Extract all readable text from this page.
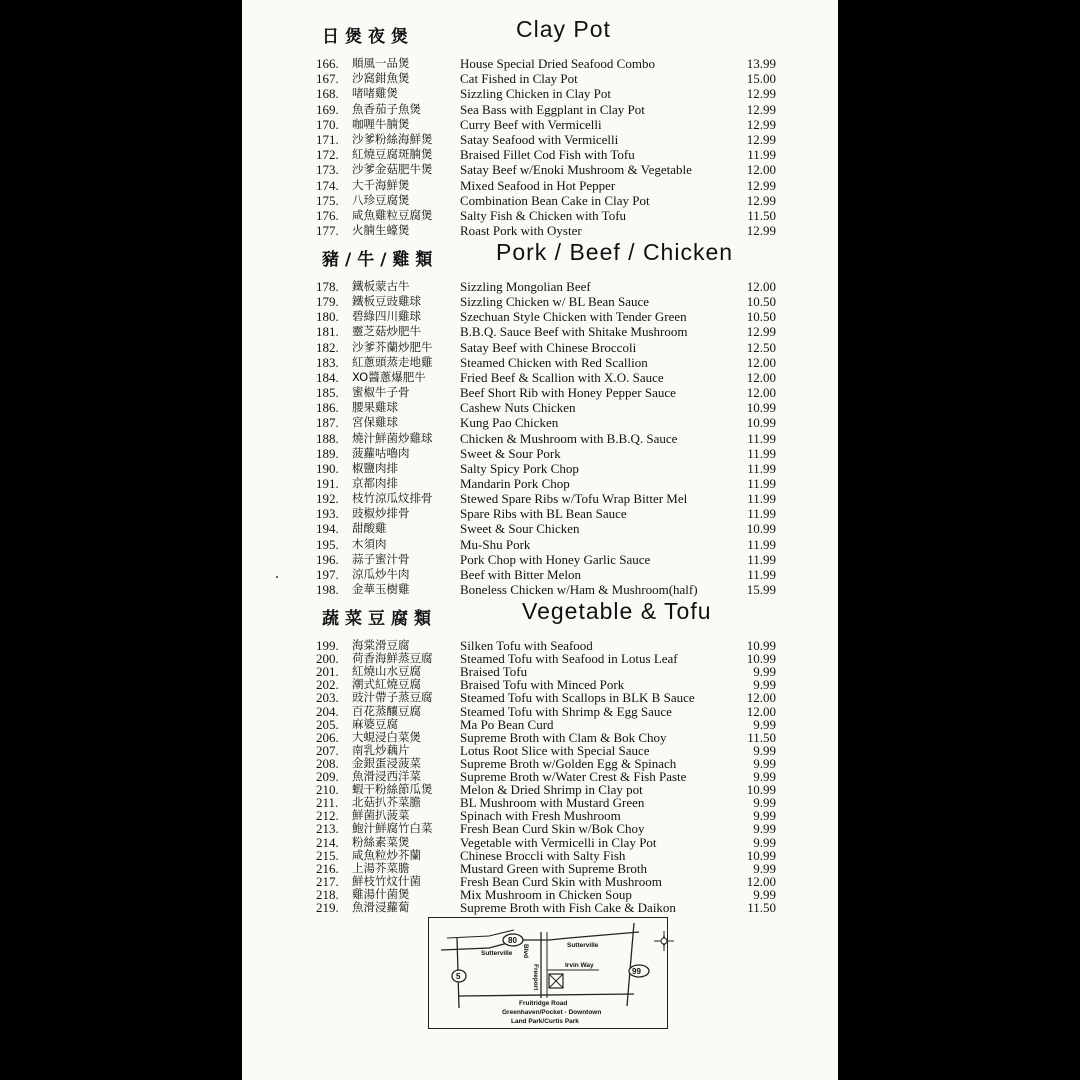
日煲夜煲	Clay Pot
166. 順風一品煲	House Special Dried Seafood Combo	13.99
167. 沙窩鉗魚煲	Cat Fished in Clay Pot	15.00
168. 啫啫雞煲	Sizzling Chicken in Clay Pot	12.99
169. 魚香茄子魚煲	Sea Bass with Eggplant in Clay Pot	12.99
170. 咖喱牛腩煲	Curry Beef with Vermicelli	12.99
171. 沙爹粉絲海鮮煲 Satay Seafood with Vermicelli	12.99
172. 紅燒豆腐斑腩煲 Braised Fillet Cod Fish with Tofu	11.99
173. 沙爹金菇肥牛煲 Satay Beef w/Enoki Mushroom & Vegetable	12.00
174. 大千海鮮煲	Mixed Seafood in Hot Pepper	12.99
175. 八珍豆腐煲	Combination Bean Cake in Clay Pot	12.99
176. 咸魚雞粒豆腐煲 Salty Fish & Chicken with Tofu	11.50
177. 火腩生蠔煲	Roast Pork with Oyster	12.99
豬/牛/雞類	Pork / Beef / Chicken
178. 鐵板蒙古牛	Sizzling Mongolian Beef	12.00
179. 鐵板豆豉雞球	Sizzling Chicken w/ BL Bean Sauce	10.50
180. 碧綠四川雞球	Szechuan Style Chicken with Tender Green	10.50
181. 靈芝菇炒肥牛	B.B.Q. Sauce Beef with Shitake Mushroom	12.99
182. 沙爹芥蘭炒肥牛 Satay Beef with Chinese Broccoli	12.50
183. 紅蔥頭蒸走地雞 Steamed Chicken with Red Scallion	12.00
184. XO醬蔥爆肥牛	Fried Beef & Scallion with X.O. Sauce	12.00
185. 蜜椒牛子骨	Beef Short Rib with Honey Pepper Sauce	12.00
186. 腰果雞球	Cashew Nuts Chicken	10.99
187. 宮保雞球	Kung Pao Chicken	10.99
188. 燒汁鮮菌炒雞球 Chicken & Mushroom with B.B.Q. Sauce	11.99
189. 菠蘿咕嚕肉	Sweet & Sour Pork	11.99
190. 椒鹽肉排	Salty Spicy Pork Chop	11.99
191. 京都肉排	Mandarin Pork Chop	11.99
192. 枝竹涼瓜炆排骨 Stewed Spare Ribs w/Tofu Wrap Bitter Mel	11.99
193. 豉椒炒排骨	Spare Ribs with BL Bean Sauce	11.99
194. 甜酸雞	Sweet & Sour Chicken	10.99
195. 木須肉	Mu-Shu Pork	11.99
196. 蒜子蜜汁骨	Pork Chop with Honey Garlic Sauce	11.99
197. 涼瓜炒牛肉	Beef with Bitter Melon	11.99
198. 金華玉樹雞	Boneless Chicken w/Ham & Mushroom(half)	15.99
蔬菜豆腐類	Vegetable & Tofu
199. 海棠滑豆腐	Silken Tofu with Seafood	10.99
200. 荷香海鮮蒸豆腐 Steamed Tofu with Seafood in Lotus Leaf	10.99
201. 紅燒山水豆腐	Braised Tofu	9.99
202. 潮式紅燒豆腐	Braised Tofu with Minced Pork	9.99
203. 豉汁帶子蒸豆腐 Steamed Tofu with Scallops in BLK B Sauce	12.00
204. 百花蒸釀豆腐	Steamed Tofu with Shrimp & Egg Sauce	12.00
205. 麻婆豆腐	Ma Po Bean Curd	9.99
206. 大蜆浸白菜煲	Supreme Broth with Clam & Bok Choy	11.50
207. 南乳炒藕片	Lotus Root Slice with Special Sauce	9.99
208. 金銀蛋浸菠菜	Supreme Broth w/Golden Egg & Spinach	9.99
209. 魚滑浸西洋菜	Supreme Broth w/Water Crest & Fish Paste	9.99
210. 蝦干粉絲節瓜煲 Melon & Dried Shrimp in Clay pot	10.99
211. 北菇扒芥菜膽	BL Mushroom with Mustard Green	9.99
212. 鮮菌扒菠菜	Spinach with Fresh Mushroom	9.99
213. 鮑汁鮮腐竹白菜 Fresh Bean Curd Skin w/Bok Choy	9.99
214. 粉絲素菜煲	Vegetable with Vermicelli in Clay Pot	9.99
215. 咸魚粒炒芥蘭	Chinese Broccli with Salty Fish	10.99
216. 上湯芥菜膽	Mustard Green with Supreme Broth	9.99
217. 鮮枝竹炆什菌	Fresh Bean Curd Skin with Mushroom	12.00
218. 雞湯什菌煲	Mix Mushroom in Chicken Soup	9.99
219. 魚滑浸蘿蔔	Supreme Broth with Fish Cake & Daikon	11.50
80
5
99
Sutterville
Sutterville
Blvd
Freeport	Irvin Way
Fruitridge Road
Greenhaven/Pocket - Downtown
Land Park/Curtis Park
